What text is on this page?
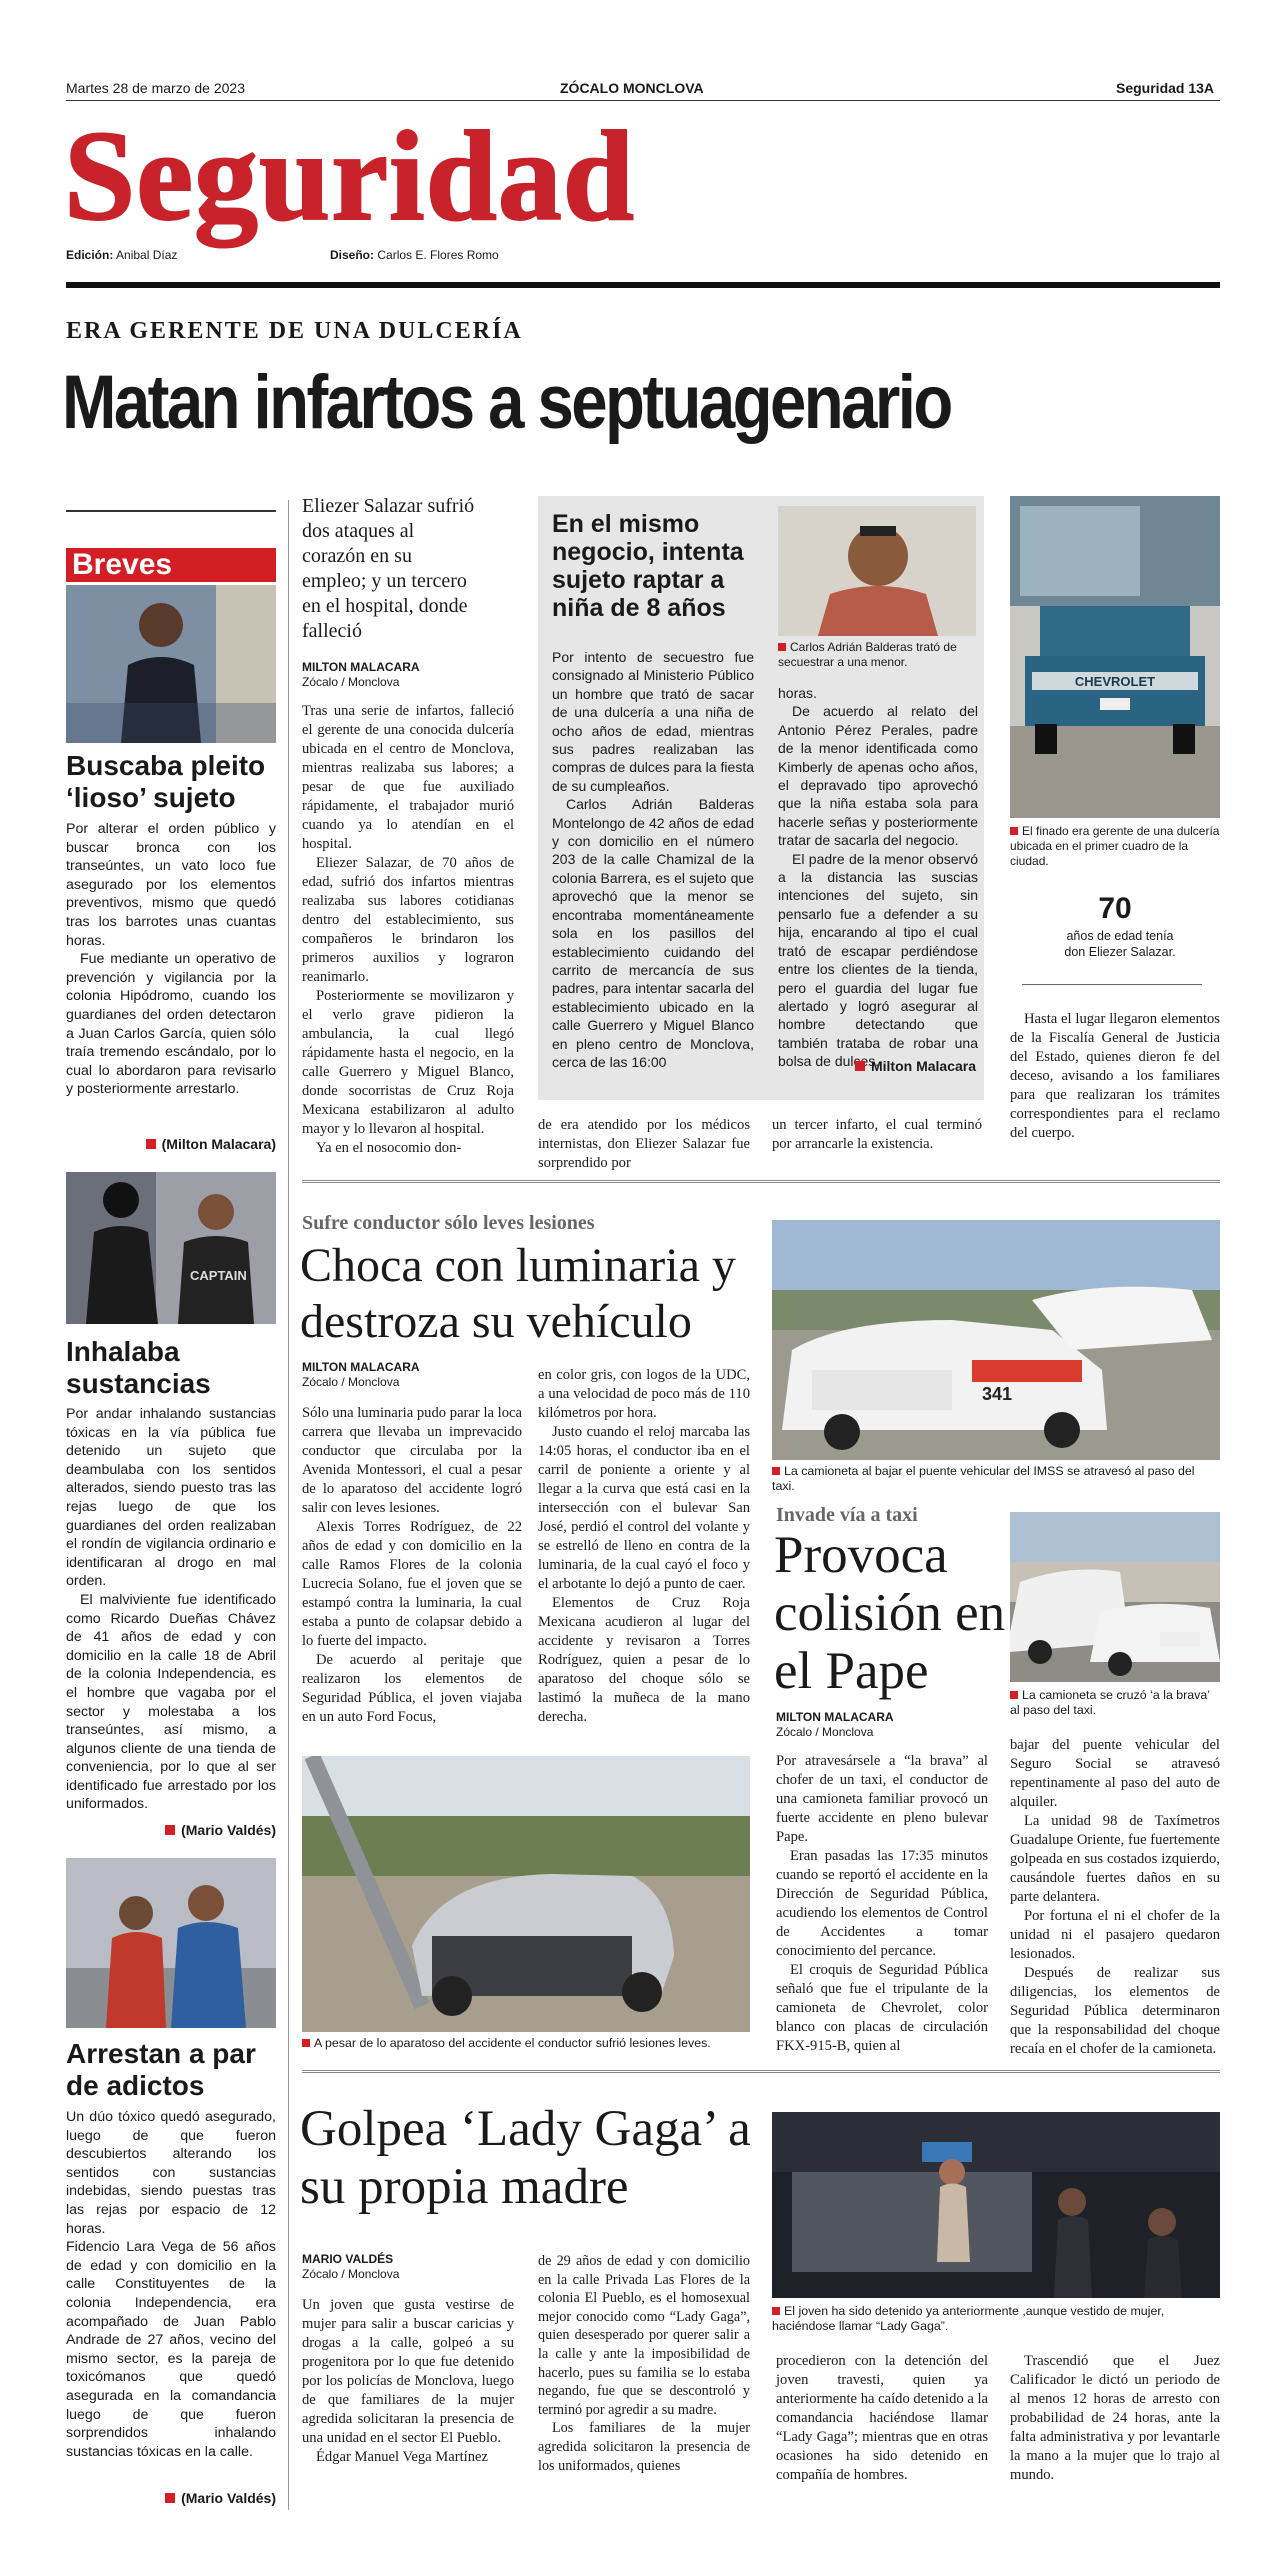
Martes 28 de marzo de 2023	ZÓCALO MONCLOVA	Seguridad 13A
Seguridad
Edición: Anibal Díaz	Diseño: Carlos E. Flores Romo
ERA GERENTE DE UNA DULCERÍA
Matan infartos a septuagenario
Breves
Buscaba pleito ‘lioso’ sujeto

Por alterar el orden público y buscar bronca con los transeúntes, un vato loco fue asegurado por los elementos preventivos, mismo que quedó tras los barrotes unas cuantas horas.

Fue mediante un operativo de prevención y vigilancia por la colonia Hipódromo, cuando los guardianes del orden detectaron a Juan Carlos García, quien sólo traía tremendo escándalo, por lo cual lo abordaron para revisarlo y posteriormente arrestarlo.

(Milton Malacara)
CAPTAIN
Inhalaba sustancias

Por andar inhalando sustancias tóxicas en la vía pública fue detenido un sujeto que deambulaba con los sentidos alterados, siendo puesto tras las rejas luego de que los guardianes del orden realizaban el rondín de vigilancia ordinario e identificaran al drogo en mal orden.

El malviviente fue identificado como Ricardo Dueñas Chávez de 41 años de edad y con domicilio en la calle 18 de Abril de la colonia Independencia, es el hombre que vagaba por el sector y molestaba a los transeúntes, así mismo, a algunos cliente de una tienda de conveniencia, por lo que al ser identificado fue arrestado por los uniformados.

(Mario Valdés)
Arrestan a par de adictos

Un dúo tóxico quedó asegurado, luego de que fueron descubiertos alterando los sentidos con sustancias indebidas, siendo puestas tras las rejas por espacio de 12 horas.

Fidencio Lara Vega de 56 años de edad y con domicilio en la calle Constituyentes de la colonia Independencia, era acompañado de Juan Pablo Andrade de 27 años, vecino del mismo sector, es la pareja de toxicómanos que quedó asegurada en la comandancia luego de que fueron sorprendidos inhalando sustancias tóxicas en la calle.

(Mario Valdés)
Eliezer Salazar sufrió dos ataques al corazón en su empleo; y un tercero en el hospital, donde falleció
MILTON MALACARA
Zócalo / Monclova

Tras una serie de infartos, falleció el gerente de una conocida dulcería ubicada en el centro de Monclova, mientras realizaba sus labores; a pesar de que fue auxiliado rápidamente, el trabajador murió cuando ya lo atendían en el hospital.

Eliezer Salazar, de 70 años de edad, sufrió dos infartos mientras realizaba sus labores cotidianas dentro del establecimiento, sus compañeros le brindaron los primeros auxilios y lograron reanimarlo.

Posteriormente se movilizaron y el verlo grave pidieron la ambulancia, la cual llegó rápidamente hasta el negocio, en la calle Guerrero y Miguel Blanco, donde socorristas de Cruz Roja Mexicana estabilizaron al adulto mayor y lo llevaron al hospital.

Ya en el nosocomio don-

de era atendido por los médicos internistas, don Eliezer Salazar fue sorprendido por
un tercer infarto, el cual terminó por arrancarle la existencia.
En el mismo negocio, intenta sujeto raptar a niña de 8 años
Carlos Adrián Balderas trató de secuestrar a una menor.

Por intento de secuestro fue consignado al Ministerio Público un hombre que trató de sacar de una dulcería a una niña de ocho años de edad, mientras sus padres realizaban las compras de dulces para la fiesta de su cumpleaños.

Carlos Adrián Balderas Montelongo de 42 años de edad y con domicilio en el número 203 de la calle Chamizal de la colonia Barrera, es el sujeto que aprovechó que la menor se encontraba momentáneamente sola en los pasillos del establecimiento cuidando del carrito de mercancía de sus padres, para intentar sacarla del establecimiento ubicado en la calle Guerrero y Miguel Blanco en pleno centro de Monclova, cerca de las 16:00

horas.

De acuerdo al relato del Antonio Pérez Perales, padre de la menor identificada como Kimberly de apenas ocho años, el depravado tipo aprovechó que la niña estaba sola para hacerle señas y posteriormente tratar de sacarla del negocio.

El padre de la menor observó a la distancia las suscias intenciones del sujeto, sin pensarlo fue a defender a su hija, encarando al tipo el cual trató de escapar perdiéndose entre los clientes de la tienda, pero el guardia del lugar fue alertado y logró asegurar al hombre detectando que también trataba de robar una bolsa de dulces.

Milton Malacara
CHEVROLET
El finado era gerente de una dulcería ubicada en el primer cuadro de la ciudad.
70
años de edad tenía don Eliezer Salazar.
Hasta el lugar llegaron elementos de la Fiscalía General de Justicia del Estado, quienes dieron fe del deceso, avisando a los familiares para que realizaran los trámites correspondientes para el reclamo del cuerpo.
Sufre conductor sólo leves lesiones
Choca con luminaria y destroza su vehículo
MILTON MALACARA
Zócalo / Monclova

Sólo una luminaria pudo parar la loca carrera que llevaba un imprevacido conductor que circulaba por la Avenida Montessori, el cual a pesar de lo aparatoso del accidente logró salir con leves lesiones.

Alexis Torres Rodríguez, de 22 años de edad y con domicilio en la calle Ramos Flores de la colonia Lucrecia Solano, fue el joven que se estampó contra la luminaria, la cual estaba a punto de colapsar debido a lo fuerte del impacto.

De acuerdo al peritaje que realizaron los elementos de Seguridad Pública, el joven viajaba en un auto Ford Focus,

en color gris, con logos de la UDC, a una velocidad de poco más de 110 kilómetros por hora.

Justo cuando el reloj marcaba las 14:05 horas, el conductor iba en el carril de poniente a oriente y al llegar a la curva que está casi en la intersección con el bulevar San José, perdió el control del volante y se estrelló de lleno en contra de la luminaria, de la cual cayó el foco y el arbotante lo dejó a punto de caer.

Elementos de Cruz Roja Mexicana acudieron al lugar del accidente y revisaron a Torres Rodríguez, quien a pesar de lo aparatoso del choque sólo se lastimó la muñeca de la mano derecha.

A pesar de lo aparatoso del accidente el conductor sufrió lesiones leves.
341
La camioneta al bajar el puente vehicular del IMSS se atravesó al paso del taxi.
Invade vía a taxi
Provoca colisión en el Pape
MILTON MALACARA
Zócalo / Monclova

Por atravesársele a “la brava” al chofer de un taxi, el conductor de una camioneta familiar provocó un fuerte accidente en pleno bulevar Pape.

Eran pasadas las 17:35 minutos cuando se reportó el accidente en la Dirección de Seguridad Pública, acudiendo los elementos de Control de Accidentes a tomar conocimiento del percance.

El croquis de Seguridad Pública señaló que fue el tripulante de la camioneta de Chevrolet, color blanco con placas de circulación FKX-915-B, quien al

La camioneta se cruzó ‘a la brava’ al paso del taxi.

bajar del puente vehicular del Seguro Social se atravesó repentinamente al paso del auto de alquiler.

La unidad 98 de Taxímetros Guadalupe Oriente, fue fuertemente golpeada en sus costados izquierdo, causándole fuertes daños en su parte delantera.

Por fortuna el ni el chofer de la unidad ni el pasajero quedaron lesionados.

Después de realizar sus diligencias, los elementos de Seguridad Pública determinaron que la responsabilidad del choque recaía en el chofer de la camioneta.

Golpea ‘Lady Gaga’ a su propia madre
MARIO VALDÉS
Zócalo / Monclova

Un joven que gusta vestirse de mujer para salir a buscar caricias y drogas a la calle, golpeó a su progenitora por lo que fue detenido por los policías de Monclova, luego de que familiares de la mujer agredida solicitaran la presencia de una unidad en el sector El Pueblo.

Édgar Manuel Vega Martínez

de 29 años de edad y con domicilio en la calle Privada Las Flores de la colonia El Pueblo, es el homosexual mejor conocido como “Lady Gaga”, quien desesperado por querer salir a la calle y ante la imposibilidad de hacerlo, pues su familia se lo estaba negando, fue que se descontroló y terminó por agredir a su madre.

Los familiares de la mujer agredida solicitaron la presencia de los uniformados, quienes

El joven ha sido detenido ya anteriormente ,aunque vestido de mujer, haciéndose llamar “Lady Gaga”.

procedieron con la detención del joven travesti, quien ya anteriormente ha caído detenido a la comandancia haciéndose llamar “Lady Gaga”; mientras que en otras ocasiones ha sido detenido en compañía de hombres.

Trascendió que el Juez Calificador le dictó un periodo de al menos 12 horas de arresto con probabilidad de 24 horas, ante la falta administrativa y por levantarle la mano a la mujer que lo trajo al mundo.
